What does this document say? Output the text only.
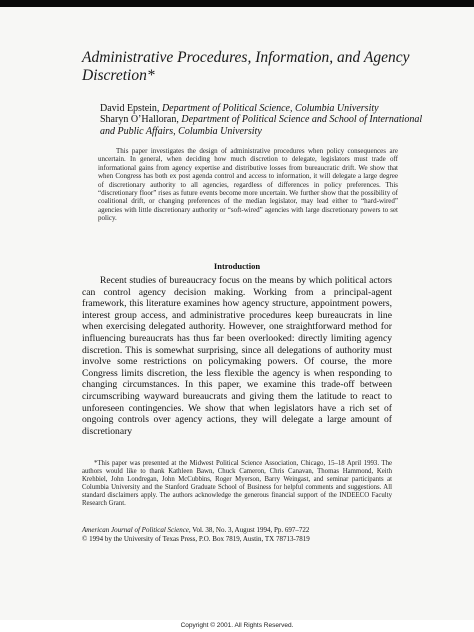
Administrative Procedures, Information, and Agency Discretion*
David Epstein, Department of Political Science, Columbia University
Sharyn O’Halloran, Department of Political Science and School of International and Public Affairs, Columbia University

This paper investigates the design of administrative procedures when policy consequences are uncertain. In general, when deciding how much discretion to delegate, legislators must trade off informational gains from agency expertise and distributive losses from bureaucratic drift. We show that when Congress has both ex post agenda control and access to information, it will delegate a large degree of discretionary authority to all agencies, regardless of differences in policy preferences. This “discretionary floor” rises as future events become more uncertain. We further show that the possibility of coalitional drift, or changing preferences of the median legislator, may lead either to “hard-wired” agencies with little discretionary authority or “soft-wired” agencies with large discretionary powers to set policy.

Introduction

Recent studies of bureaucracy focus on the means by which political actors can control agency decision making. Working from a principal-agent framework, this literature examines how agency structure, appointment powers, interest group access, and administrative procedures keep bureaucrats in line when exercising delegated authority. However, one straightforward method for influencing bureaucrats has thus far been overlooked: directly limiting agency discretion. This is somewhat surprising, since all delegations of authority must involve some restrictions on policymaking powers. Of course, the more Congress limits discretion, the less flexible the agency is when responding to changing circumstances. In this paper, we examine this trade-off between circumscribing wayward bureaucrats and giving them the latitude to react to unforeseen contingencies. We show that when legislators have a rich set of ongoing controls over agency actions, they will delegate a large amount of discretionary

*This paper was presented at the Midwest Political Science Association, Chicago, 15–18 April 1993. The authors would like to thank Kathleen Bawn, Chuck Cameron, Chris Canavan, Thomas Hammond, Keith Krehbiel, John Londregan, John McCubbins, Roger Myerson, Barry Weingast, and seminar participants at Columbia University and the Stanford Graduate School of Business for helpful comments and suggestions. All standard disclaimers apply. The authors acknowledge the generous financial support of the INDEECO Faculty Research Grant.

American Journal of Political Science, Vol. 38, No. 3, August 1994, Pp. 697–722
© 1994 by the University of Texas Press, P.O. Box 7819, Austin, TX 78713-7819
Copyright © 2001. All Rights Reserved.
